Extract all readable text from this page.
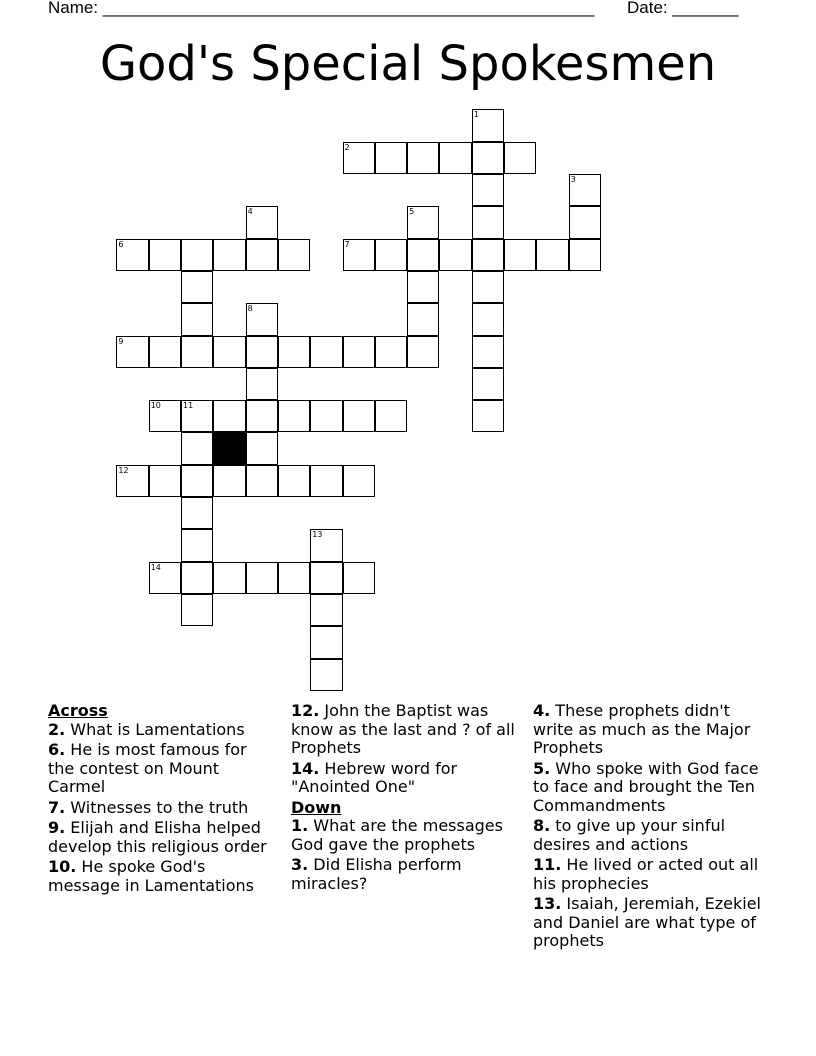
Name: ____________________________________________________ Date: _______
God's Special Spokesmen
1
2
3
4	5
6	7
8
9
10	11
12
13
14
Across
2. What is Lamentations
6. He is most famous for the contest on Mount Carmel
7. Witnesses to the truth
9. Elijah and Elisha helped develop this religious order
10. He spoke God's message in Lamentations
12. John the Baptist was know as the last and ? of all Prophets
14. Hebrew word for "Anointed One"
Down
1. What are the messages God gave the prophets
3. Did Elisha perform miracles?
4. These prophets didn't write as much as the Major Prophets
5. Who spoke with God face to face and brought the Ten Commandments
8. to give up your sinful desires and actions
11. He lived or acted out all his prophecies
13. Isaiah, Jeremiah, Ezekiel and Daniel are what type of prophets
